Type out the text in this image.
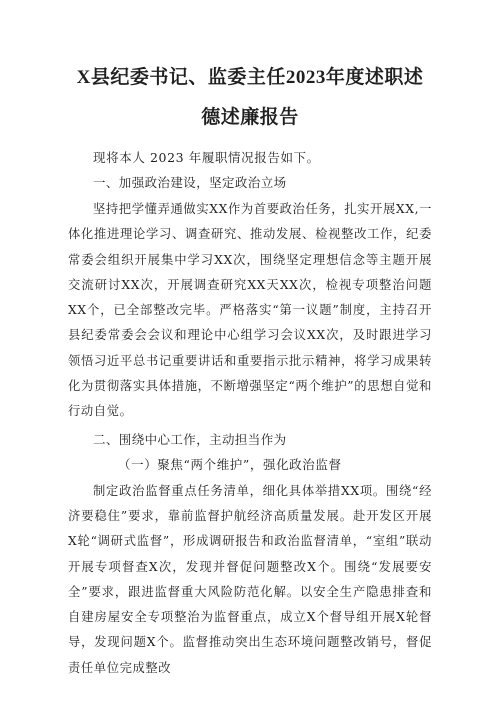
X县纪委书记、监委主任2023年度述职述
德述廉报告

现将本人 2023 年履职情况报告如下。

一、加强政治建设，坚定政治立场

坚持把学懂弄通做实XX作为首要政治任务，扎实开展XX,一体化推进理论学习、调查研究、推动发展、检视整改工作，纪委常委会组织开展集中学习XX次，围绕坚定理想信念等主题开展交流研讨XX次，开展调查研究XX天XX次，检视专项整治问题XX个，已全部整改完毕。严格落实“第一议题”制度，主持召开县纪委常委会会议和理论中心组学习会议XX次，及时跟进学习领悟习近平总书记重要讲话和重要指示批示精神，将学习成果转化为贯彻落实具体措施，不断增强坚定“两个维护”的思想自觉和行动自觉。

二、围绕中心工作，主动担当作为

（一）聚焦“两个维护”，强化政治监督

制定政治监督重点任务清单，细化具体举措XX项。围绕“经济要稳住”要求，靠前监督护航经济高质量发展。赴开发区开展X轮“调研式监督”，形成调研报告和政治监督清单，“室组”联动开展专项督查X次，发现并督促问题整改X个。围绕“发展要安全”要求，跟进监督重大风险防范化解。以安全生产隐患排查和自建房屋安全专项整治为监督重点，成立X个督导组开展X轮督导，发现问题X个。监督推动突出生态环境问题整改销号，督促责任单位完成整改
